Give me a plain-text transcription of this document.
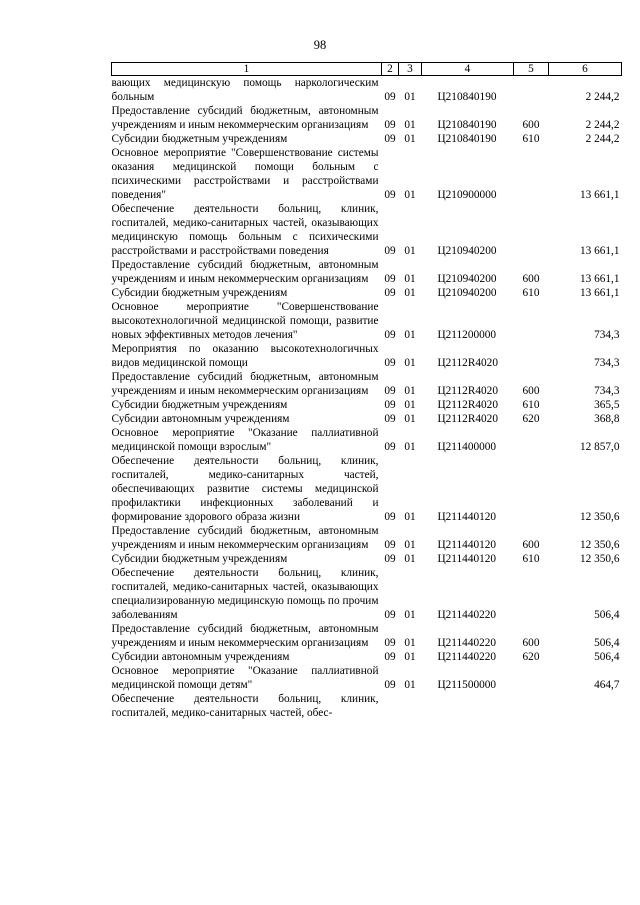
98
1	2	3	4	5	6
вающих медицинскую помощь наркологическим больным	09	01	Ц210840190		2 244,2
Предоставление субсидий бюджетным, автономным учреждениям и иным некоммерческим организациям	09	01	Ц210840190	600	2 244,2
Субсидии бюджетным учреждениям	09	01	Ц210840190	610	2 244,2
Основное мероприятие "Совершенствование системы оказания медицинской помощи больным с психическими расстройствами и расстройствами поведения"	09	01	Ц210900000		13 661,1
Обеспечение деятельности больниц, клиник, госпиталей, медико-санитарных частей, оказывающих медицинскую помощь больным с психическими расстройствами и расстройствами поведения	09	01	Ц210940200		13 661,1
Предоставление субсидий бюджетным, автономным учреждениям и иным некоммерческим организациям	09	01	Ц210940200	600	13 661,1
Субсидии бюджетным учреждениям	09	01	Ц210940200	610	13 661,1
Основное мероприятие "Совершенствование высокотехнологичной медицинской помощи, развитие новых эффективных методов лечения"	09	01	Ц211200000		734,3
Мероприятия по оказанию высокотехнологичных видов медицинской помощи	09	01	Ц2112R4020		734,3
Предоставление субсидий бюджетным, автономным учреждениям и иным некоммерческим организациям	09	01	Ц2112R4020	600	734,3
Субсидии бюджетным учреждениям	09	01	Ц2112R4020	610	365,5
Субсидии автономным учреждениям	09	01	Ц2112R4020	620	368,8
Основное мероприятие "Оказание паллиативной медицинской помощи взрослым"	09	01	Ц211400000		12 857,0
Обеспечение деятельности больниц, клиник, госпиталей, медико-санитарных частей, обеспечивающих развитие системы медицинской профилактики инфекционных заболеваний и формирование здорового образа жизни	09	01	Ц211440120		12 350,6
Предоставление субсидий бюджетным, автономным учреждениям и иным некоммерческим организациям	09	01	Ц211440120	600	12 350,6
Субсидии бюджетным учреждениям	09	01	Ц211440120	610	12 350,6
Обеспечение деятельности больниц, клиник, госпиталей, медико-санитарных частей, оказывающих специализированную медицинскую помощь по прочим заболеваниям	09	01	Ц211440220		506,4
Предоставление субсидий бюджетным, автономным учреждениям и иным некоммерческим организациям	09	01	Ц211440220	600	506,4
Субсидии автономным учреждениям	09	01	Ц211440220	620	506,4
Основное мероприятие "Оказание паллиативной медицинской помощи детям"	09	01	Ц211500000		464,7
Обеспечение деятельности больниц, клиник, госпиталей, медико-санитарных частей, обес-					
